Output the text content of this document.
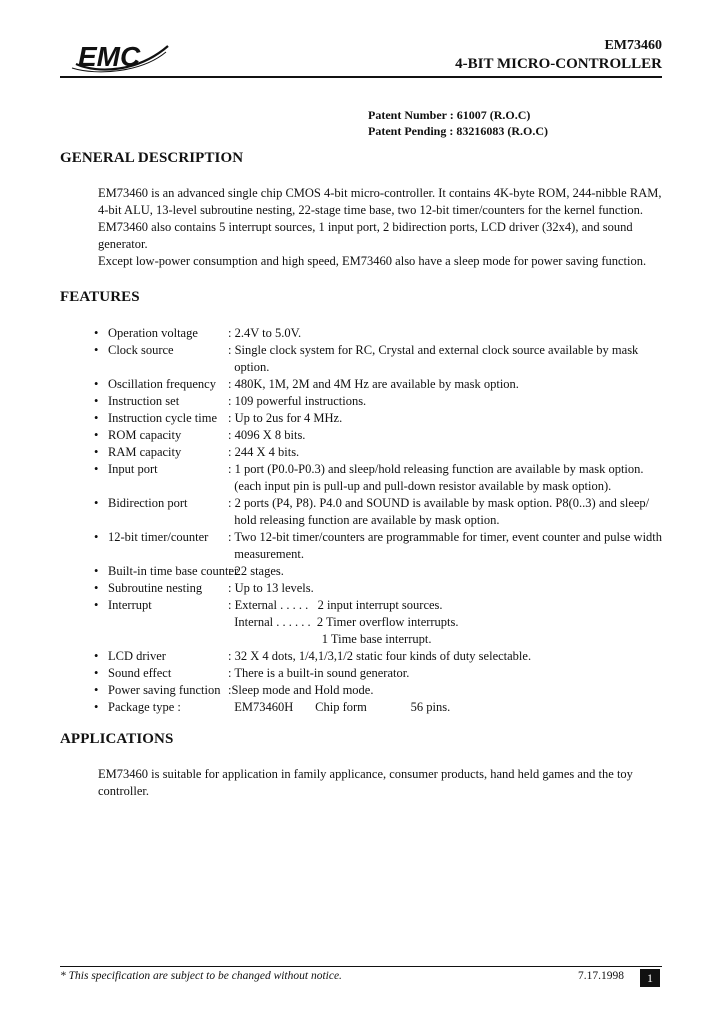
EMC	EM73460
4-BIT MICRO-CONTROLLER
Patent Number : 61007 (R.O.C)
Patent Pending : 83216083 (R.O.C)
GENERAL DESCRIPTION

EM73460 is an advanced single chip CMOS 4-bit micro-controller. It contains 4K-byte ROM, 244-nibble RAM,

4-bit ALU, 13-level subroutine nesting, 22-stage time base, two 12-bit timer/counters for the kernel function.

EM73460 also contains 5 interrupt sources, 1 input port, 2 bidirection ports, LCD driver (32x4), and sound

generator.

Except low-power consumption and high speed, EM73460 also have a sleep mode for power saving function.

FEATURES
• Operation voltage	: 2.4V to 5.0V.
• Clock source	: Single clock system for RC, Crystal and external clock source available by mask
option.
• Oscillation frequency : 480K, 1M, 2M and 4M Hz are available by mask option.
• Instruction set	: 109 powerful instructions.
• Instruction cycle time : Up to 2us for 4 MHz.
• ROM capacity	: 4096 X 8 bits.
• RAM capacity	: 244 X 4 bits.
• Input port	: 1 port (P0.0-P0.3) and sleep/hold releasing function are available by mask option.
(each input pin is pull-up and pull-down resistor available by mask option).
• Bidirection port	: 2 ports (P4, P8). P4.0 and SOUND is available by mask option. P8(0..3) and sleep/
hold releasing function are available by mask option.
• 12-bit timer/counter	: Two 12-bit timer/counters are programmable for timer, event counter and pulse width
measurement.
• Built-in time base counter
: 22 stages.
• Subroutine nesting	: Up to 13 levels.
• Interrupt	: External . . . . .   2 input interrupt sources.
Internal . . . . . .  2 Timer overflow interrupts.
1 Time base interrupt.
• LCD driver	: 32 X 4 dots, 1/4,1/3,1/2 static four kinds of duty selectable.
• Sound effect	: There is a built-in sound generator.
• Power saving function :Sleep mode and Hold mode.
• Package type :	EM73460H       Chip form              56 pins.
APPLICATIONS

EM73460 is suitable for application in family applicance, consumer products, hand held games and the toy

controller.

* This specification are subject to be changed without notice.	7.17.1998	1
